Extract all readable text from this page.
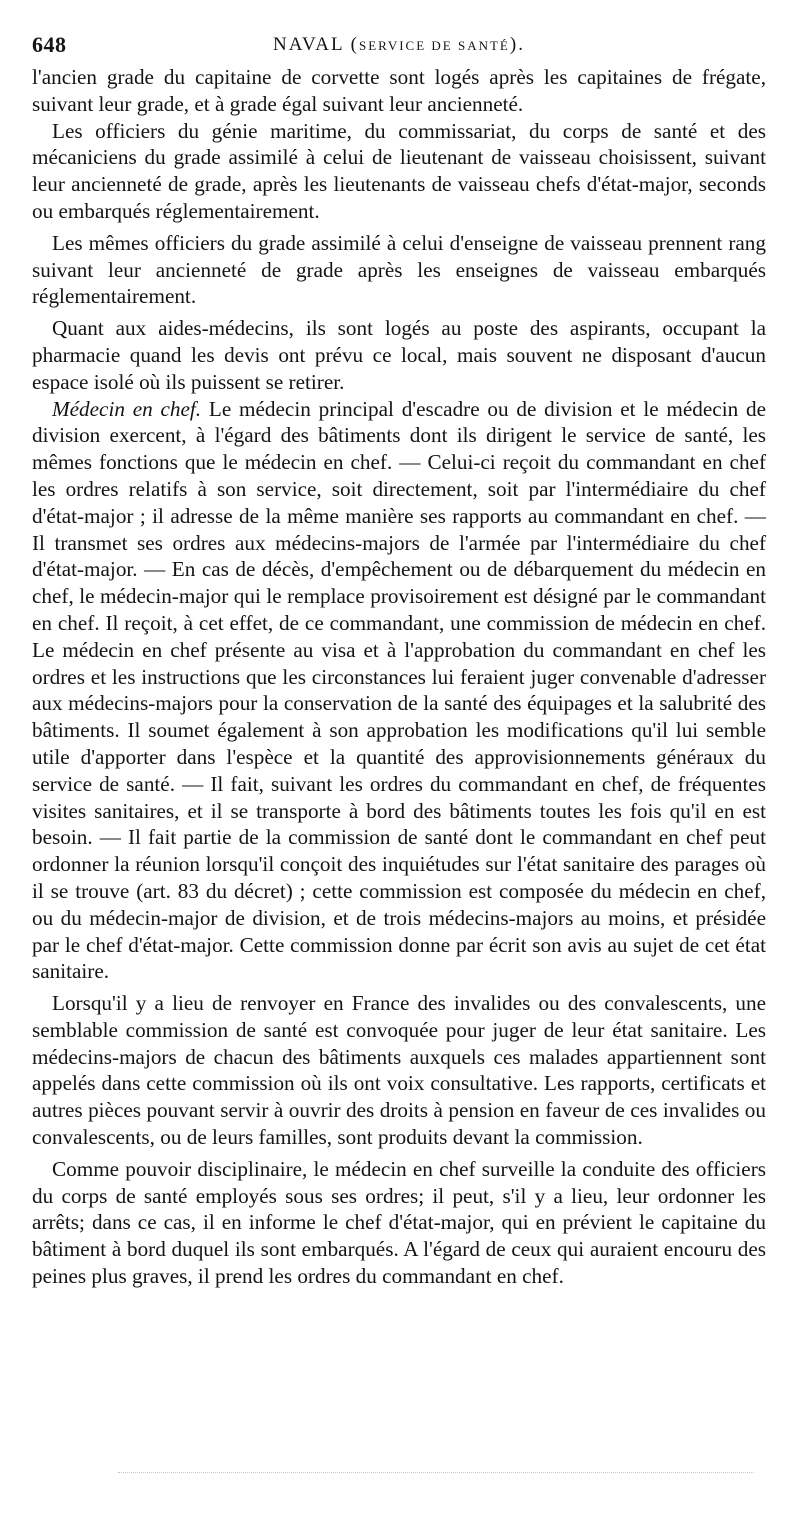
648	NAVAL (SERVICE DE SANTÉ).

l'ancien grade du capitaine de corvette sont logés après les capitaines de frégate, suivant leur grade, et à grade égal suivant leur ancienneté.

Les officiers du génie maritime, du commissariat, du corps de santé et des mécaniciens du grade assimilé à celui de lieutenant de vaisseau choisissent, suivant leur ancienneté de grade, après les lieutenants de vaisseau chefs d'état-major, seconds ou embarqués réglementairement.

Les mêmes officiers du grade assimilé à celui d'enseigne de vaisseau prennent rang suivant leur ancienneté de grade après les enseignes de vaisseau embarqués réglementairement.

Quant aux aides-médecins, ils sont logés au poste des aspirants, occupant la pharmacie quand les devis ont prévu ce local, mais souvent ne disposant d'aucun espace isolé où ils puissent se retirer.

Médecin en chef. Le médecin principal d'escadre ou de division et le médecin de division exercent, à l'égard des bâtiments dont ils dirigent le service de santé, les mêmes fonctions que le médecin en chef. — Celui-ci reçoit du commandant en chef les ordres relatifs à son service, soit directement, soit par l'intermédiaire du chef d'état-major ; il adresse de la même manière ses rapports au commandant en chef. — Il transmet ses ordres aux médecins-majors de l'armée par l'intermédiaire du chef d'état-major. — En cas de décès, d'empêchement ou de débarquement du médecin en chef, le médecin-major qui le remplace provisoirement est désigné par le commandant en chef. Il reçoit, à cet effet, de ce commandant, une commission de médecin en chef. Le médecin en chef présente au visa et à l'approbation du commandant en chef les ordres et les instructions que les circonstances lui feraient juger convenable d'adresser aux médecins-majors pour la conservation de la santé des équipages et la salubrité des bâtiments. Il soumet également à son approbation les modifications qu'il lui semble utile d'apporter dans l'espèce et la quantité des approvisionnements généraux du service de santé. — Il fait, suivant les ordres du commandant en chef, de fréquentes visites sanitaires, et il se transporte à bord des bâtiments toutes les fois qu'il en est besoin. — Il fait partie de la commission de santé dont le commandant en chef peut ordonner la réunion lorsqu'il conçoit des inquiétudes sur l'état sanitaire des parages où il se trouve (art. 83 du décret) ; cette commission est composée du médecin en chef, ou du médecin-major de division, et de trois médecins-majors au moins, et présidée par le chef d'état-major. Cette commission donne par écrit son avis au sujet de cet état sanitaire.

Lorsqu'il y a lieu de renvoyer en France des invalides ou des convalescents, une semblable commission de santé est convoquée pour juger de leur état sanitaire. Les médecins-majors de chacun des bâtiments auxquels ces malades appartiennent sont appelés dans cette commission où ils ont voix consultative. Les rapports, certificats et autres pièces pouvant servir à ouvrir des droits à pension en faveur de ces invalides ou convalescents, ou de leurs familles, sont produits devant la commission.

Comme pouvoir disciplinaire, le médecin en chef surveille la conduite des officiers du corps de santé employés sous ses ordres; il peut, s'il y a lieu, leur ordonner les arrêts; dans ce cas, il en informe le chef d'état-major, qui en prévient le capitaine du bâtiment à bord duquel ils sont embarqués. A l'égard de ceux qui auraient encouru des peines plus graves, il prend les ordres du commandant en chef.
